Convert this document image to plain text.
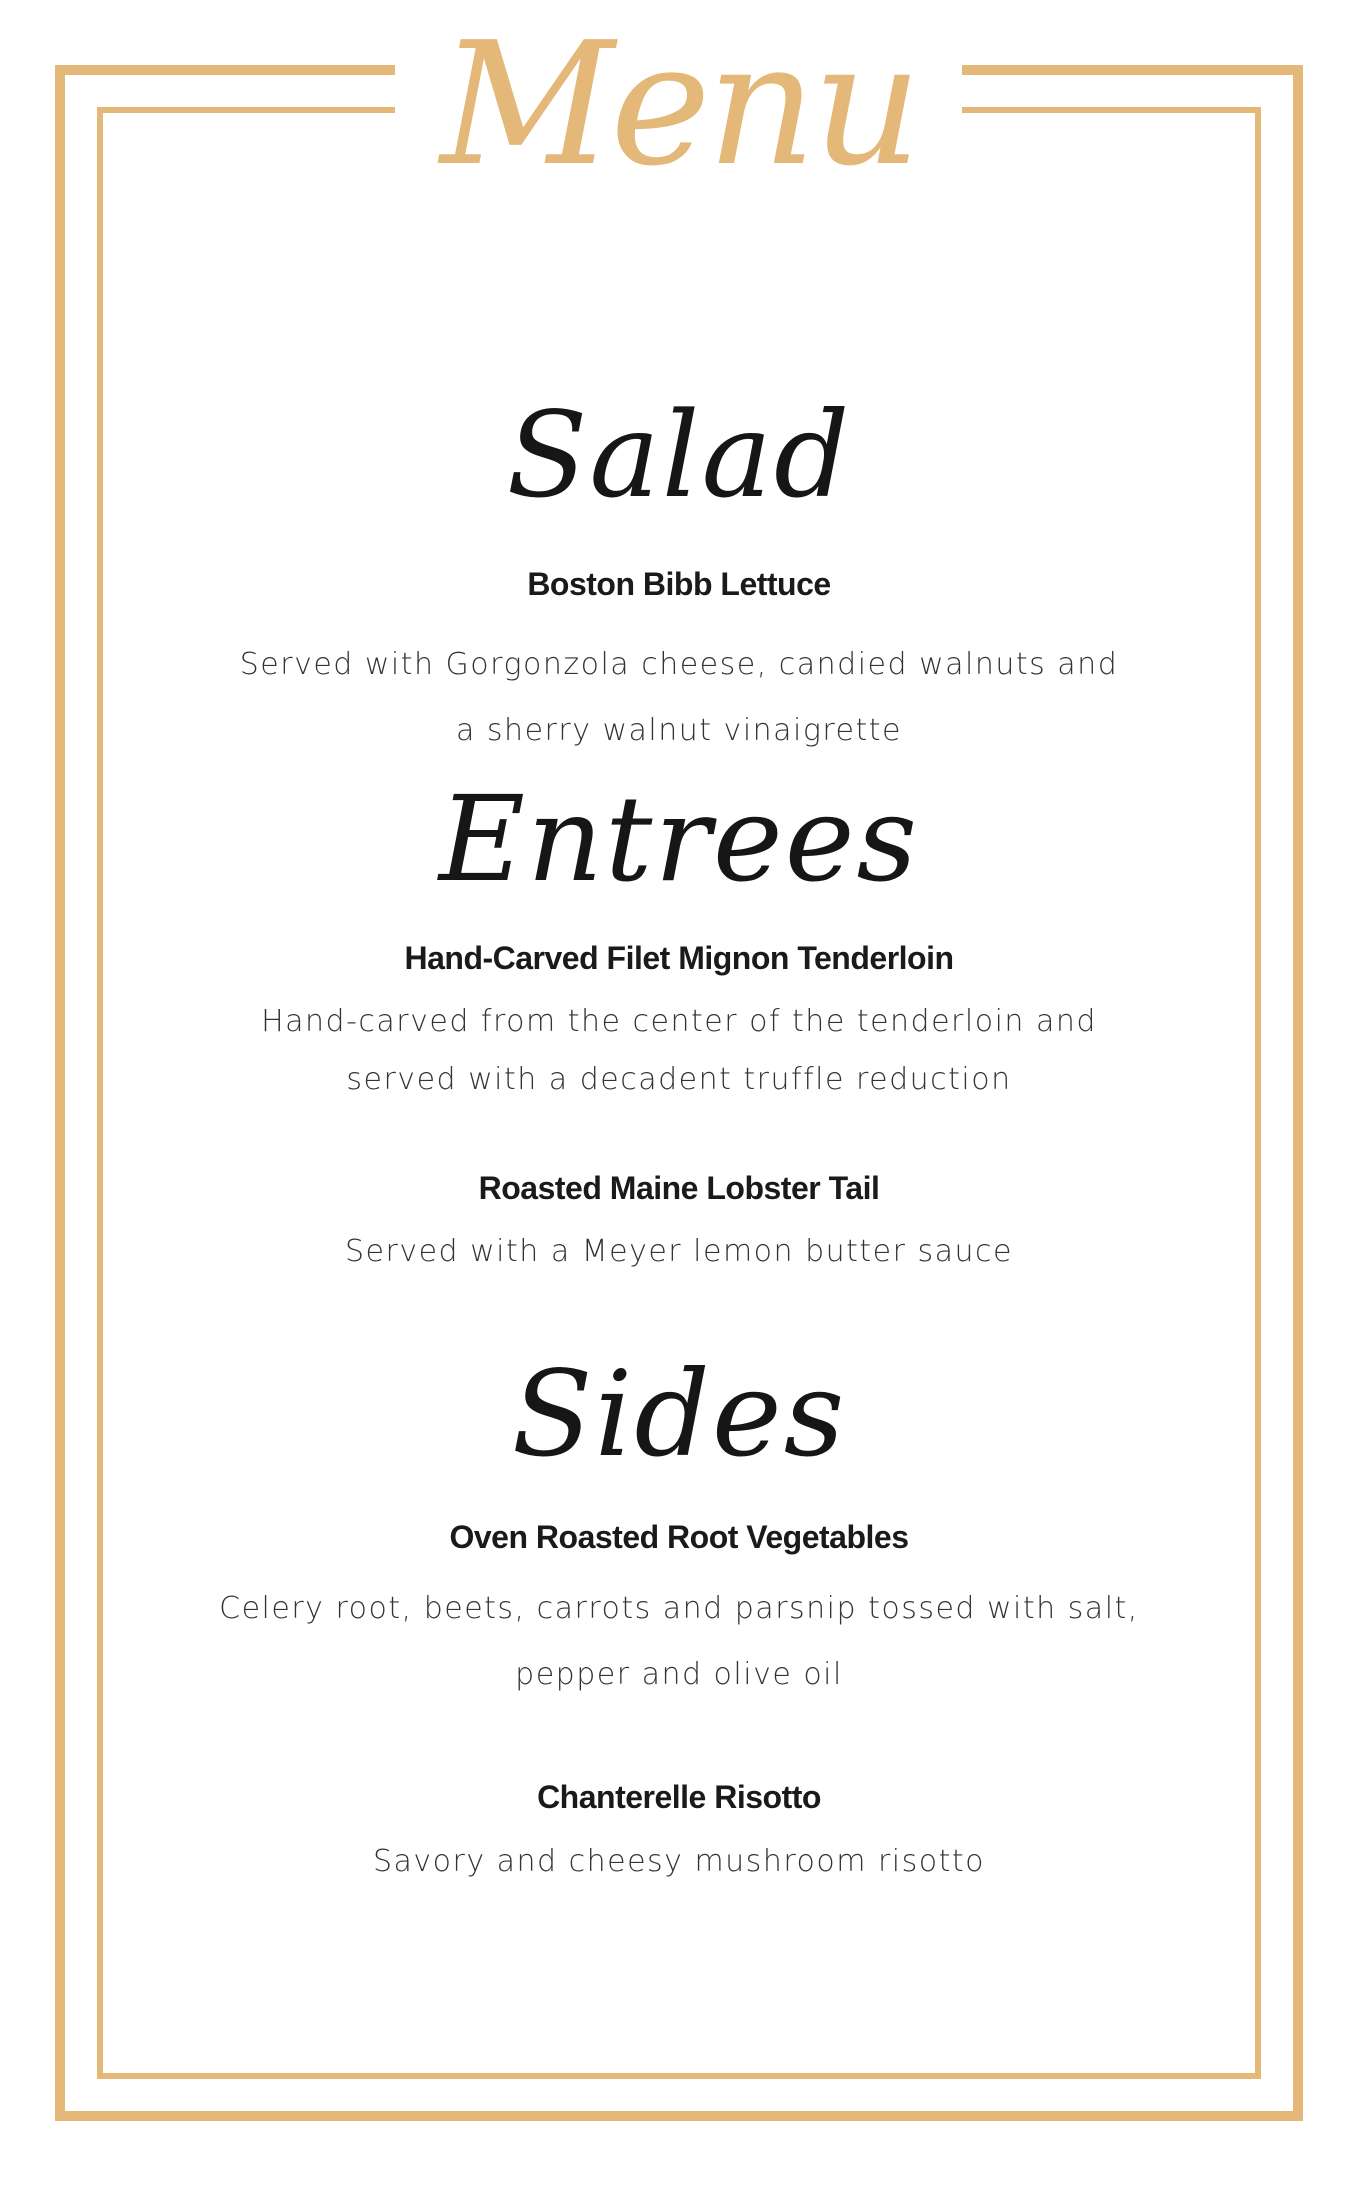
Menu
Salad
Boston Bibb Lettuce
Served with Gorgonzola cheese, candied walnuts and
a sherry walnut vinaigrette
Entrees
Hand-Carved Filet Mignon Tenderloin
Hand-carved from the center of the tenderloin and
served with a decadent truffle reduction
Roasted Maine Lobster Tail
Served with a Meyer lemon butter sauce
Sides
Oven Roasted Root Vegetables
Celery root, beets, carrots and parsnip tossed with salt,
pepper and olive oil
Chanterelle Risotto
Savory and cheesy mushroom risotto
